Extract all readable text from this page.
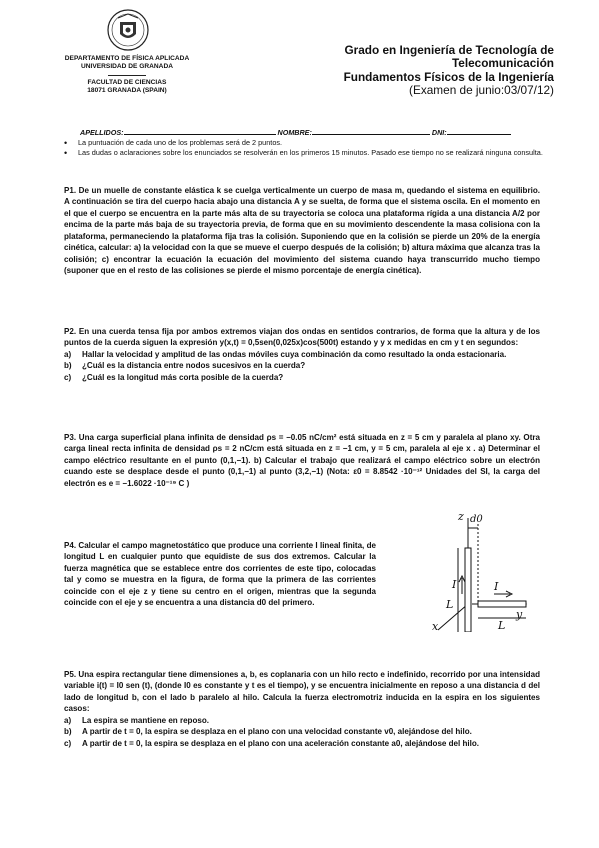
DEPARTAMENTO DE FÍSICA APLICADA
UNIVERSIDAD DE GRANADA
FACULTAD DE CIENCIAS
18071 GRANADA (SPAIN)
Grado en Ingeniería de Tecnología de
Telecomunicación
Fundamentos Físicos de la Ingeniería
(Examen de junio:03/07/12)
APELLIDOS:	NOMBRE:	DNI:
• La puntuación de cada uno de los problemas será de 2 puntos.
• Las dudas o aclaraciones sobre los enunciados se resolverán en los primeros 15 minutos. Pasado ese tiempo no se realizará ninguna consulta.
P1. De un muelle de constante elástica k se cuelga verticalmente un cuerpo de masa m, quedando el sistema en equilibrio. A continuación se tira del cuerpo hacia abajo una distancia A y se suelta, de forma que el sistema oscila. En el momento en el que el cuerpo se encuentra en la parte más alta de su trayectoria se coloca una plataforma rígida a una distancia A/2 por encima de la parte más baja de su trayectoria previa, de forma que en su movimiento descendente la masa colisiona con la plataforma, permaneciendo la plataforma fija tras la colisión. Suponiendo que en la colisión se pierde un 20% de la energía cinética, calcular: a) la velocidad con la que se mueve el cuerpo después de la colisión; b) altura máxima que alcanza tras la colisión; c) encontrar la ecuación la ecuación del movimiento del sistema cuando haya transcurrido mucho tiempo (suponer que en el resto de las colisiones se pierde el mismo porcentaje de energía cinética).
P2. En una cuerda tensa fija por ambos extremos viajan dos ondas en sentidos contrarios, de forma que la altura y de los puntos de la cuerda siguen la expresión y(x,t) = 0,5sen(0,025x)cos(500t) estando y y x medidas en cm y t en segundos:
a) Hallar la velocidad y amplitud de las ondas móviles cuya combinación da como resultado la onda estacionaria.
b) ¿Cuál es la distancia entre nodos sucesivos en la cuerda?
c) ¿Cuál es la longitud más corta posible de la cuerda?
P3. Una carga superficial plana infinita de densidad ρs = −0.05 nC/cm² está situada en z = 5 cm y paralela al plano xy. Otra carga lineal recta infinita de densidad ρs = 2 nC/cm está situada en z = −1 cm, y = 5 cm, paralela al eje x . a) Determinar el campo eléctrico resultante en el punto (0,1,−1). b) Calcular el trabajo que realizará el campo eléctrico sobre un electrón cuando este se desplace desde el punto (0,1,−1) al punto (3,2,−1) (Nota: ε0 = 8.8542 ·10⁻¹² Unidades del SI, la carga del electrón es e = −1.6022 ·10⁻¹⁹ C )
P4. Calcular el campo magnetostático que produce una corriente I lineal finita, de longitud L en cualquier punto que equidiste de sus dos extremos. Calcular la fuerza magnética que se establece entre dos corrientes de este tipo, colocadas tal y como se muestra en la figura, de forma que la primera de las corrientes coincide con el eje z y tiene su centro en el origen, mientras que la segunda coincide con el eje y se encuentra a una distancia d0 del primero.
z
y
x
d0
I
L
I
L
P5. Una espira rectangular tiene dimensiones a, b, es coplanaria con un hilo recto e indefinido, recorrido por una intensidad variable i(t) = I0 sen (t), (donde I0 es constante y t es el tiempo), y se encuentra inicialmente en reposo a una distancia d del lado de longitud b, con el lado b paralelo al hilo. Calcula la fuerza electromotriz inducida en la espira en los siguientes casos:
a) La espira se mantiene en reposo.
b) A partir de t = 0, la espira se desplaza en el plano con una velocidad constante v0, alejándose del hilo.
c) A partir de t = 0, la espira se desplaza en el plano con una aceleración constante a0, alejándose del hilo.
